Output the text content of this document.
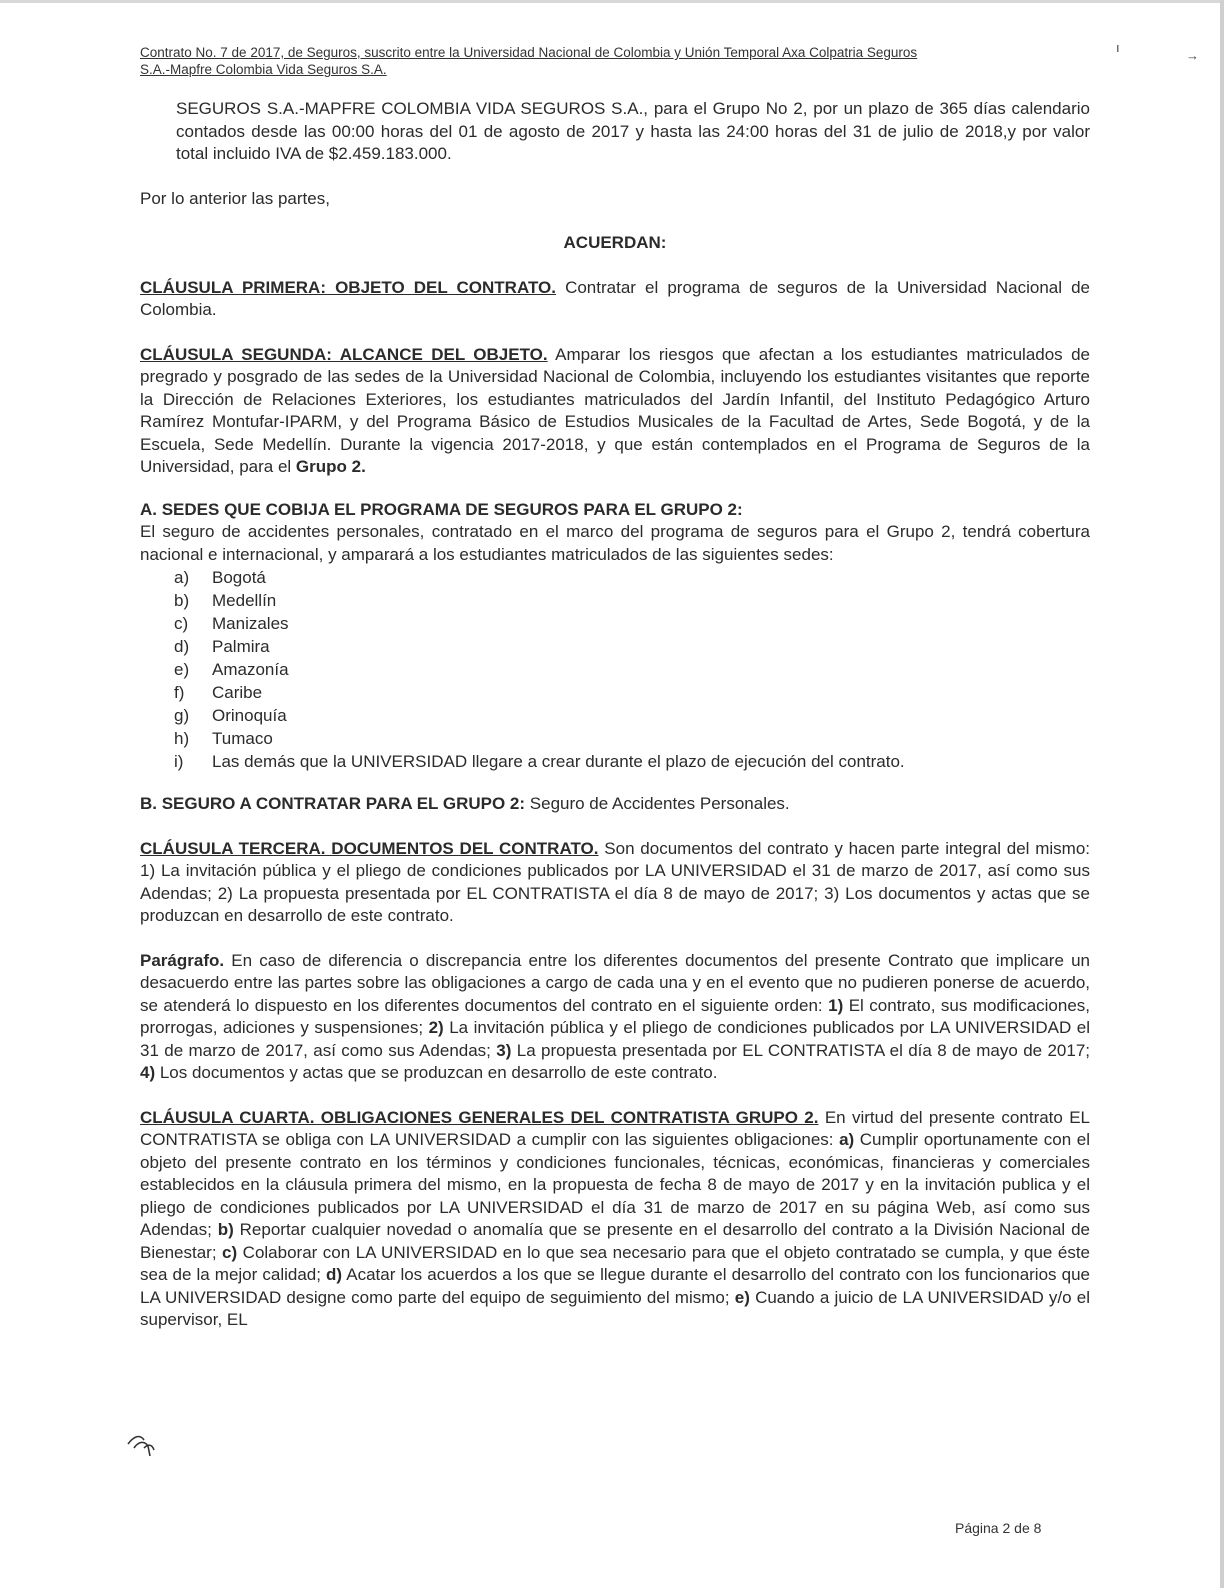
Contrato No. 7 de 2017, de Seguros, suscrito entre la Universidad Nacional de Colombia y Unión Temporal Axa Colpatria Seguros
S.A.-Mapfre Colombia Vida Seguros S.A.
ı
→

SEGUROS S.A.-MAPFRE COLOMBIA VIDA SEGUROS S.A., para el Grupo No 2, por un plazo de 365 días calendario contados desde las 00:00 horas del 01 de agosto de 2017 y hasta las 24:00 horas del 31 de julio de 2018,y por valor total incluido IVA de $2.459.183.000.

Por lo anterior las partes,

ACUERDAN:

CLÁUSULA PRIMERA: OBJETO DEL CONTRATO. Contratar el programa de seguros de la Universidad Nacional de Colombia.

CLÁUSULA SEGUNDA: ALCANCE DEL OBJETO. Amparar los riesgos que afectan a los estudiantes matriculados de pregrado y posgrado de las sedes de la Universidad Nacional de Colombia, incluyendo los estudiantes visitantes que reporte la Dirección de Relaciones Exteriores, los estudiantes matriculados del Jardín Infantil, del Instituto Pedagógico Arturo Ramírez Montufar-IPARM, y del Programa Básico de Estudios Musicales de la Facultad de Artes, Sede Bogotá, y de la Escuela, Sede Medellín. Durante la vigencia 2017-2018, y que están contemplados en el Programa de Seguros de la Universidad, para el Grupo 2.

A. SEDES QUE COBIJA EL PROGRAMA DE SEGUROS PARA EL GRUPO 2:

El seguro de accidentes personales, contratado en el marco del programa de seguros para el Grupo 2, tendrá cobertura nacional e internacional, y amparará a los estudiantes matriculados de las siguientes sedes:

a)	Bogotá
b)	Medellín
c)	Manizales
d)	Palmira
e)	Amazonía
f)	Caribe
g)	Orinoquía
h)	Tumaco
i)	Las demás que la UNIVERSIDAD llegare a crear durante el plazo de ejecución del contrato.

B. SEGURO A CONTRATAR PARA EL GRUPO 2: Seguro de Accidentes Personales.

CLÁUSULA TERCERA. DOCUMENTOS DEL CONTRATO. Son documentos del contrato y hacen parte integral del mismo: 1) La invitación pública y el pliego de condiciones publicados por LA UNIVERSIDAD el 31 de marzo de 2017, así como sus Adendas; 2) La propuesta presentada por EL CONTRATISTA el día 8 de mayo de 2017; 3) Los documentos y actas que se produzcan en desarrollo de este contrato.

Parágrafo. En caso de diferencia o discrepancia entre los diferentes documentos del presente Contrato que implicare un desacuerdo entre las partes sobre las obligaciones a cargo de cada una y en el evento que no pudieren ponerse de acuerdo, se atenderá lo dispuesto en los diferentes documentos del contrato en el siguiente orden: 1) El contrato, sus modificaciones, prorrogas, adiciones y suspensiones; 2) La invitación pública y el pliego de condiciones publicados por LA UNIVERSIDAD el 31 de marzo de 2017, así como sus Adendas; 3) La propuesta presentada por EL CONTRATISTA el día 8 de mayo de 2017; 4) Los documentos y actas que se produzcan en desarrollo de este contrato.

CLÁUSULA CUARTA. OBLIGACIONES GENERALES DEL CONTRATISTA GRUPO 2. En virtud del presente contrato EL CONTRATISTA se obliga con LA UNIVERSIDAD a cumplir con las siguientes obligaciones: a) Cumplir oportunamente con el objeto del presente contrato en los términos y condiciones funcionales, técnicas, económicas, financieras y comerciales establecidos en la cláusula primera del mismo, en la propuesta de fecha 8 de mayo de 2017 y en la invitación publica y el pliego de condiciones publicados por LA UNIVERSIDAD el día 31 de marzo de 2017 en su página Web, así como sus Adendas; b) Reportar cualquier novedad o anomalía que se presente en el desarrollo del contrato a la División Nacional de Bienestar; c) Colaborar con LA UNIVERSIDAD en lo que sea necesario para que el objeto contratado se cumpla, y que éste sea de la mejor calidad; d) Acatar los acuerdos a los que se llegue durante el desarrollo del contrato con los funcionarios que LA UNIVERSIDAD designe como parte del equipo de seguimiento del mismo; e) Cuando a juicio de LA UNIVERSIDAD y/o el supervisor, EL

Página 2 de 8
